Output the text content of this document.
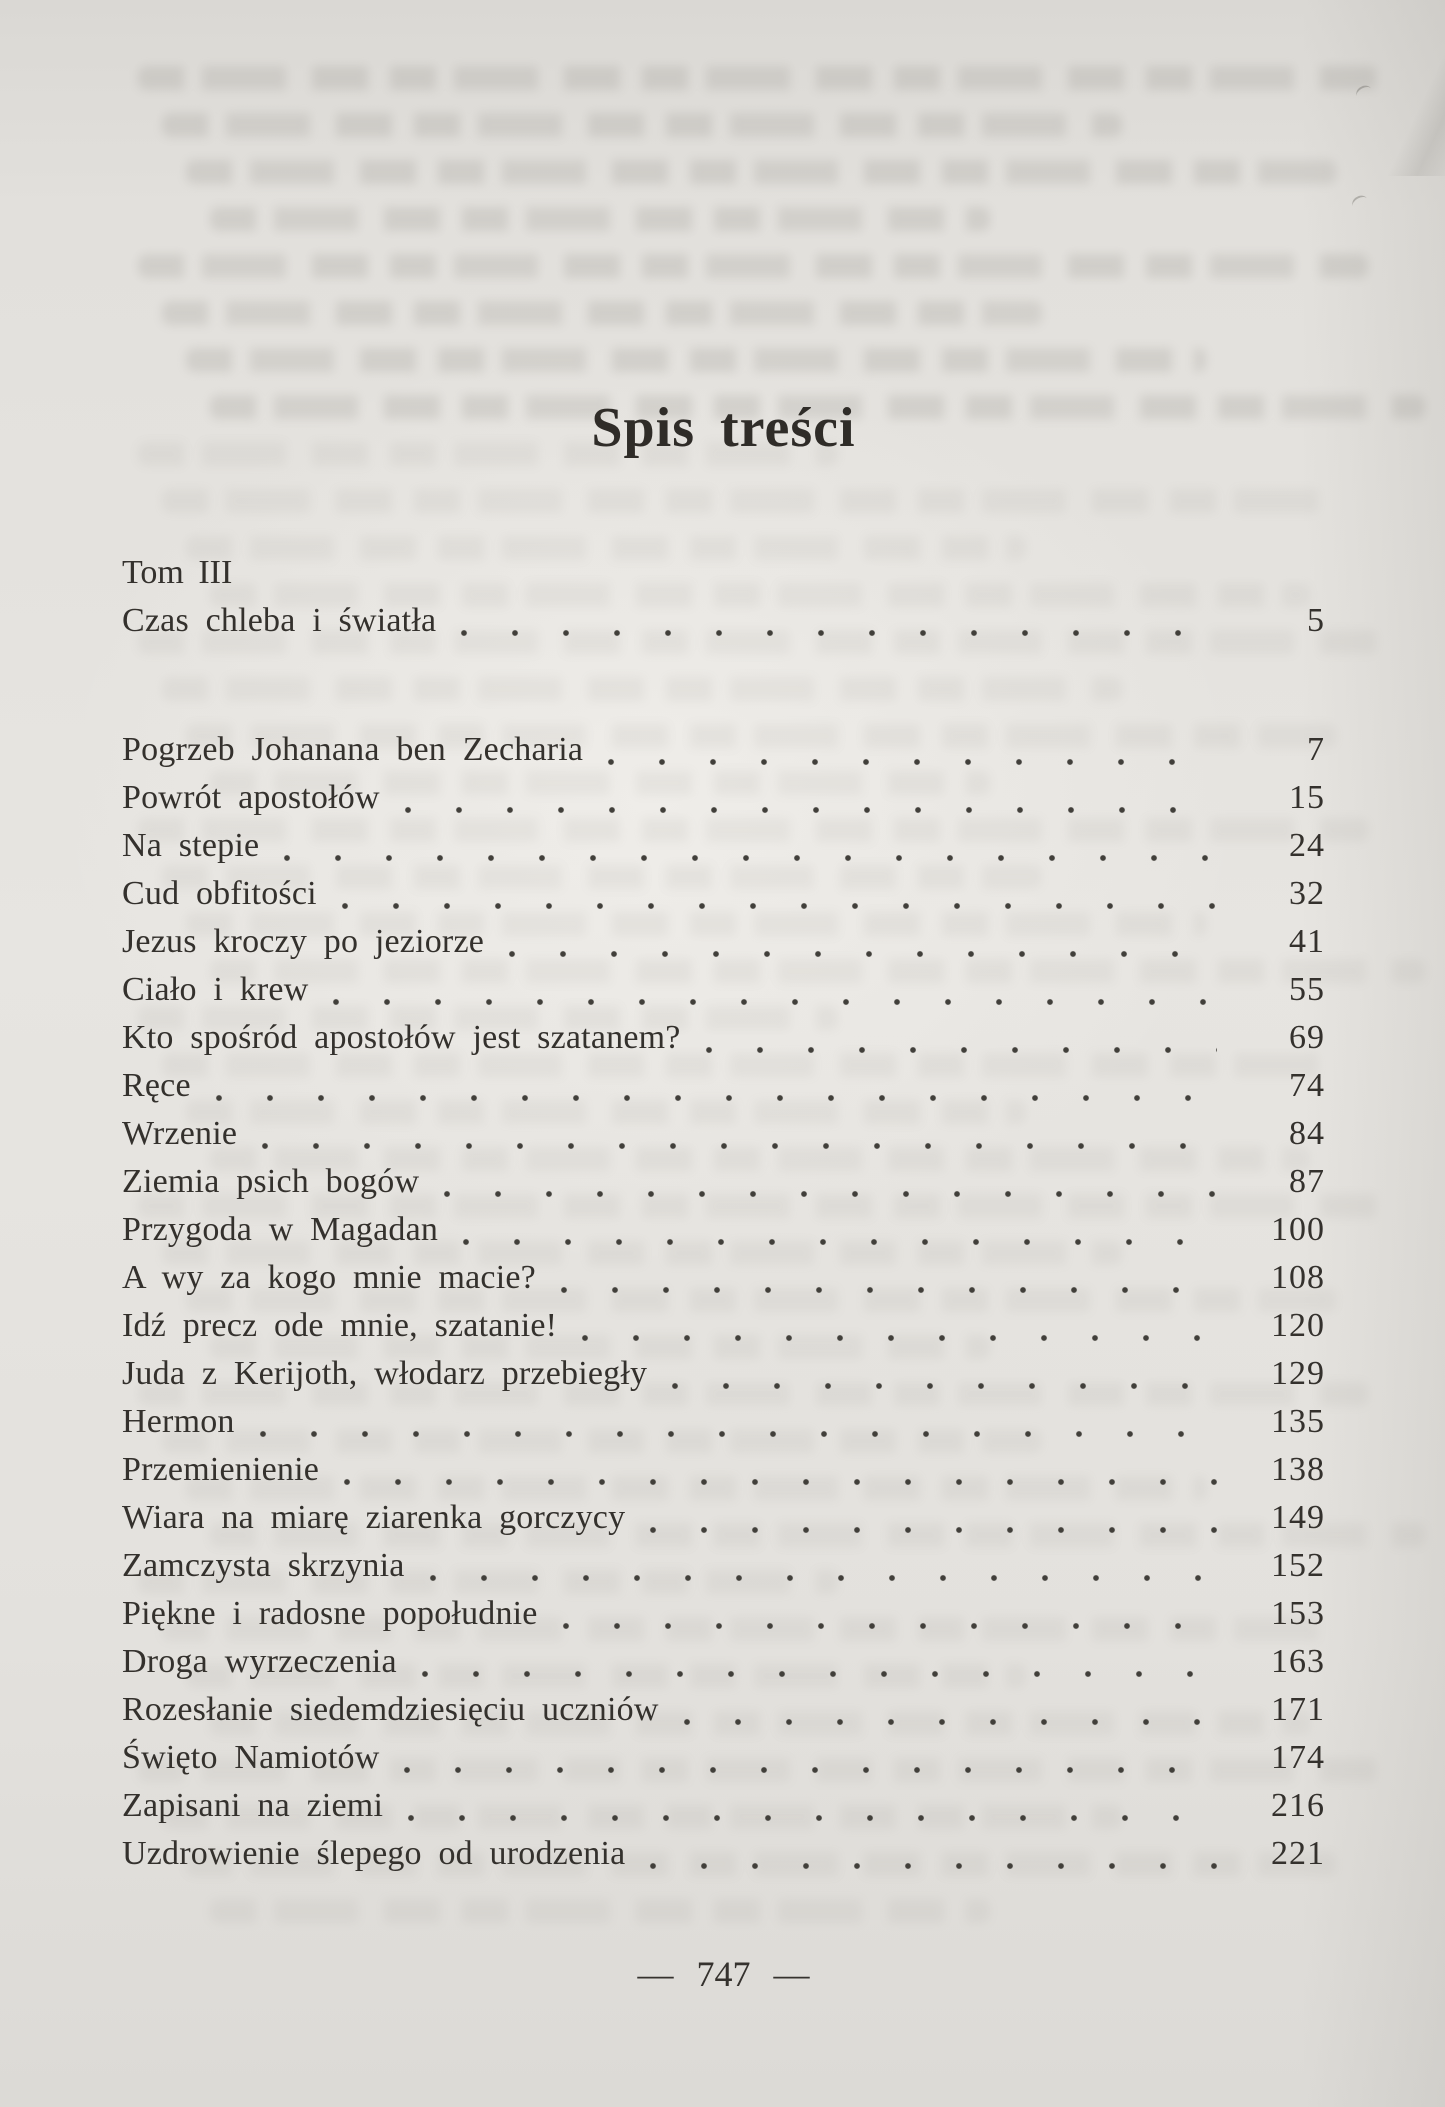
Spis treści
Tom III
Czas chleba i światła	5
Pogrzeb Johanana ben Zecharia	7
Powrót apostołów	15
Na stepie	24
Cud obfitości	32
Jezus kroczy po jeziorze	41
Ciało i krew	55
Kto spośród apostołów jest szatanem?	69
Ręce	74
Wrzenie	84
Ziemia psich bogów	87
Przygoda w Magadan	100
A wy za kogo mnie macie?	108
Idź precz ode mnie, szatanie!	120
Juda z Kerijoth, włodarz przebiegły	129
Hermon	135
Przemienienie	138
Wiara na miarę ziarenka gorczycy	149
Zamczysta skrzynia	152
Piękne i radosne popołudnie	153
Droga wyrzeczenia	163
Rozesłanie siedemdziesięciu uczniów	171
Święto Namiotów	174
Zapisani na ziemi	216
Uzdrowienie ślepego od urodzenia	221
— 747 —
